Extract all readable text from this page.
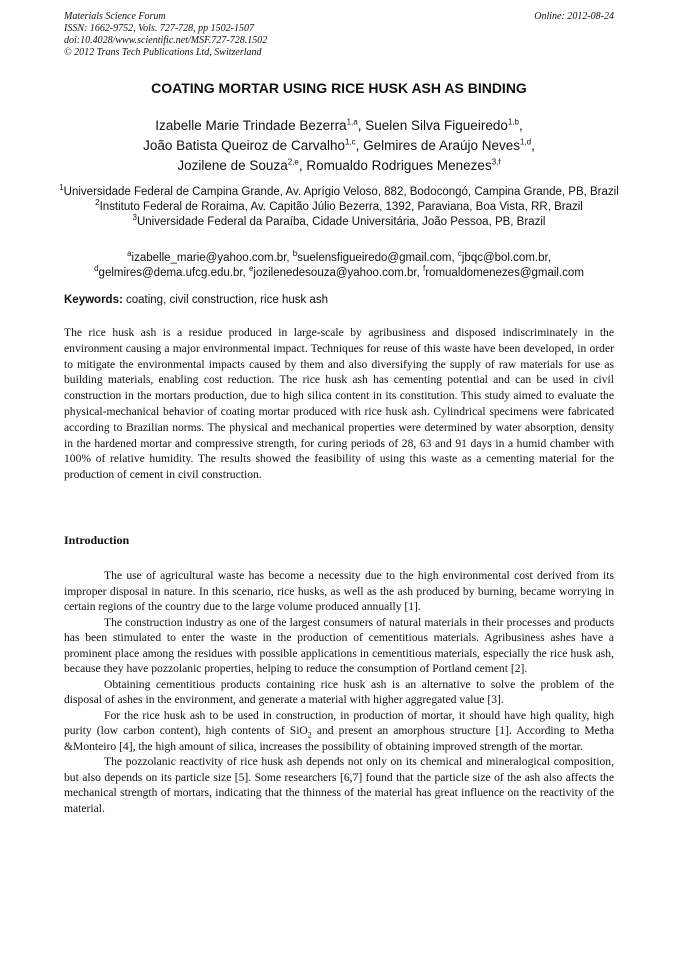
Materials Science Forum
ISSN: 1662-9752, Vols. 727-728, pp 1502-1507
doi:10.4028/www.scientific.net/MSF.727-728.1502
© 2012 Trans Tech Publications Ltd, Switzerland
Online: 2012-08-24
COATING MORTAR USING RICE HUSK ASH AS BINDING
Izabelle Marie Trindade Bezerra$^{1,a}$, Suelen Silva Figueiredo$^{1,b}$,
João Batista Queiroz de Carvalho$^{1,c}$, Gelmires de Araújo Neves$^{1,d}$,
Jozilene de Souza$^{2,e}$, Romualdo Rodrigues Menezes$^{3,f}$
$^1$Universidade Federal de Campina Grande, Av. Aprígio Veloso, 882, Bodocongó, Campina Grande, PB, Brazil
$^2$Instituto Federal de Roraima, Av. Capitão Júlio Bezerra, 1392, Paraviana, Boa Vista, RR, Brazil
$^3$Universidade Federal da Paraíba, Cidade Universitária, João Pessoa, PB, Brazil
$^a$izabelle_marie@yahoo.com.br, $^b$suelensfigueiredo@gmail.com, $^c$jbqc@bol.com.br,
$^d$gelmires@dema.ufcg.edu.br, $^e$jozilenedesouza@yahoo.com.br, $^f$romualdomenezes@gmail.com
Keywords: coating, civil construction, rice husk ash
The rice husk ash is a residue produced in large-scale by agribusiness and disposed indiscriminately in the environment causing a major environmental impact. Techniques for reuse of this waste have been developed, in order to mitigate the environmental impacts caused by them and also diversifying the supply of raw materials for use as building materials, enabling cost reduction. The rice husk ash has cementing potential and can be used in civil construction in the mortars production, due to high silica content in its constitution. This study aimed to evaluate the physical-mechanical behavior of coating mortar produced with rice husk ash. Cylindrical specimens were fabricated according to Brazilian norms. The physical and mechanical properties were determined by water absorption, density in the hardened mortar and compressive strength, for curing periods of 28, 63 and 91 days in a humid chamber with 100% of relative humidity. The results showed the feasibility of using this waste as a cementing material for the production of cement in civil construction.
Introduction

The use of agricultural waste has become a necessity due to the high environmental cost derived from its improper disposal in nature. In this scenario, rice husks, as well as the ash produced by burning, became worrying in certain regions of the country due to the large volume produced annually [1].

The construction industry as one of the largest consumers of natural materials in their processes and products has been stimulated to enter the waste in the production of cementitious materials. Agribusiness ashes have a prominent place among the residues with possible applications in cementitious materials, especially the rice husk ash, because they have pozzolanic properties, helping to reduce the consumption of Portland cement [2].

Obtaining cementitious products containing rice husk ash is an alternative to solve the problem of the disposal of ashes in the environment, and generate a material with higher aggregated value [3].

For the rice husk ash to be used in construction, in production of mortar, it should have high quality, high purity (low carbon content), high contents of SiO$_2$ and present an amorphous structure [1]. According to Metha &Monteiro [4], the high amount of silica, increases the possibility of obtaining improved strength of the mortar.

The pozzolanic reactivity of rice husk ash depends not only on its chemical and mineralogical composition, but also depends on its particle size [5]. Some researchers [6,7] found that the particle size of the ash also affects the mechanical strength of mortars, indicating that the thinness of the material has great influence on the reactivity of the material.
